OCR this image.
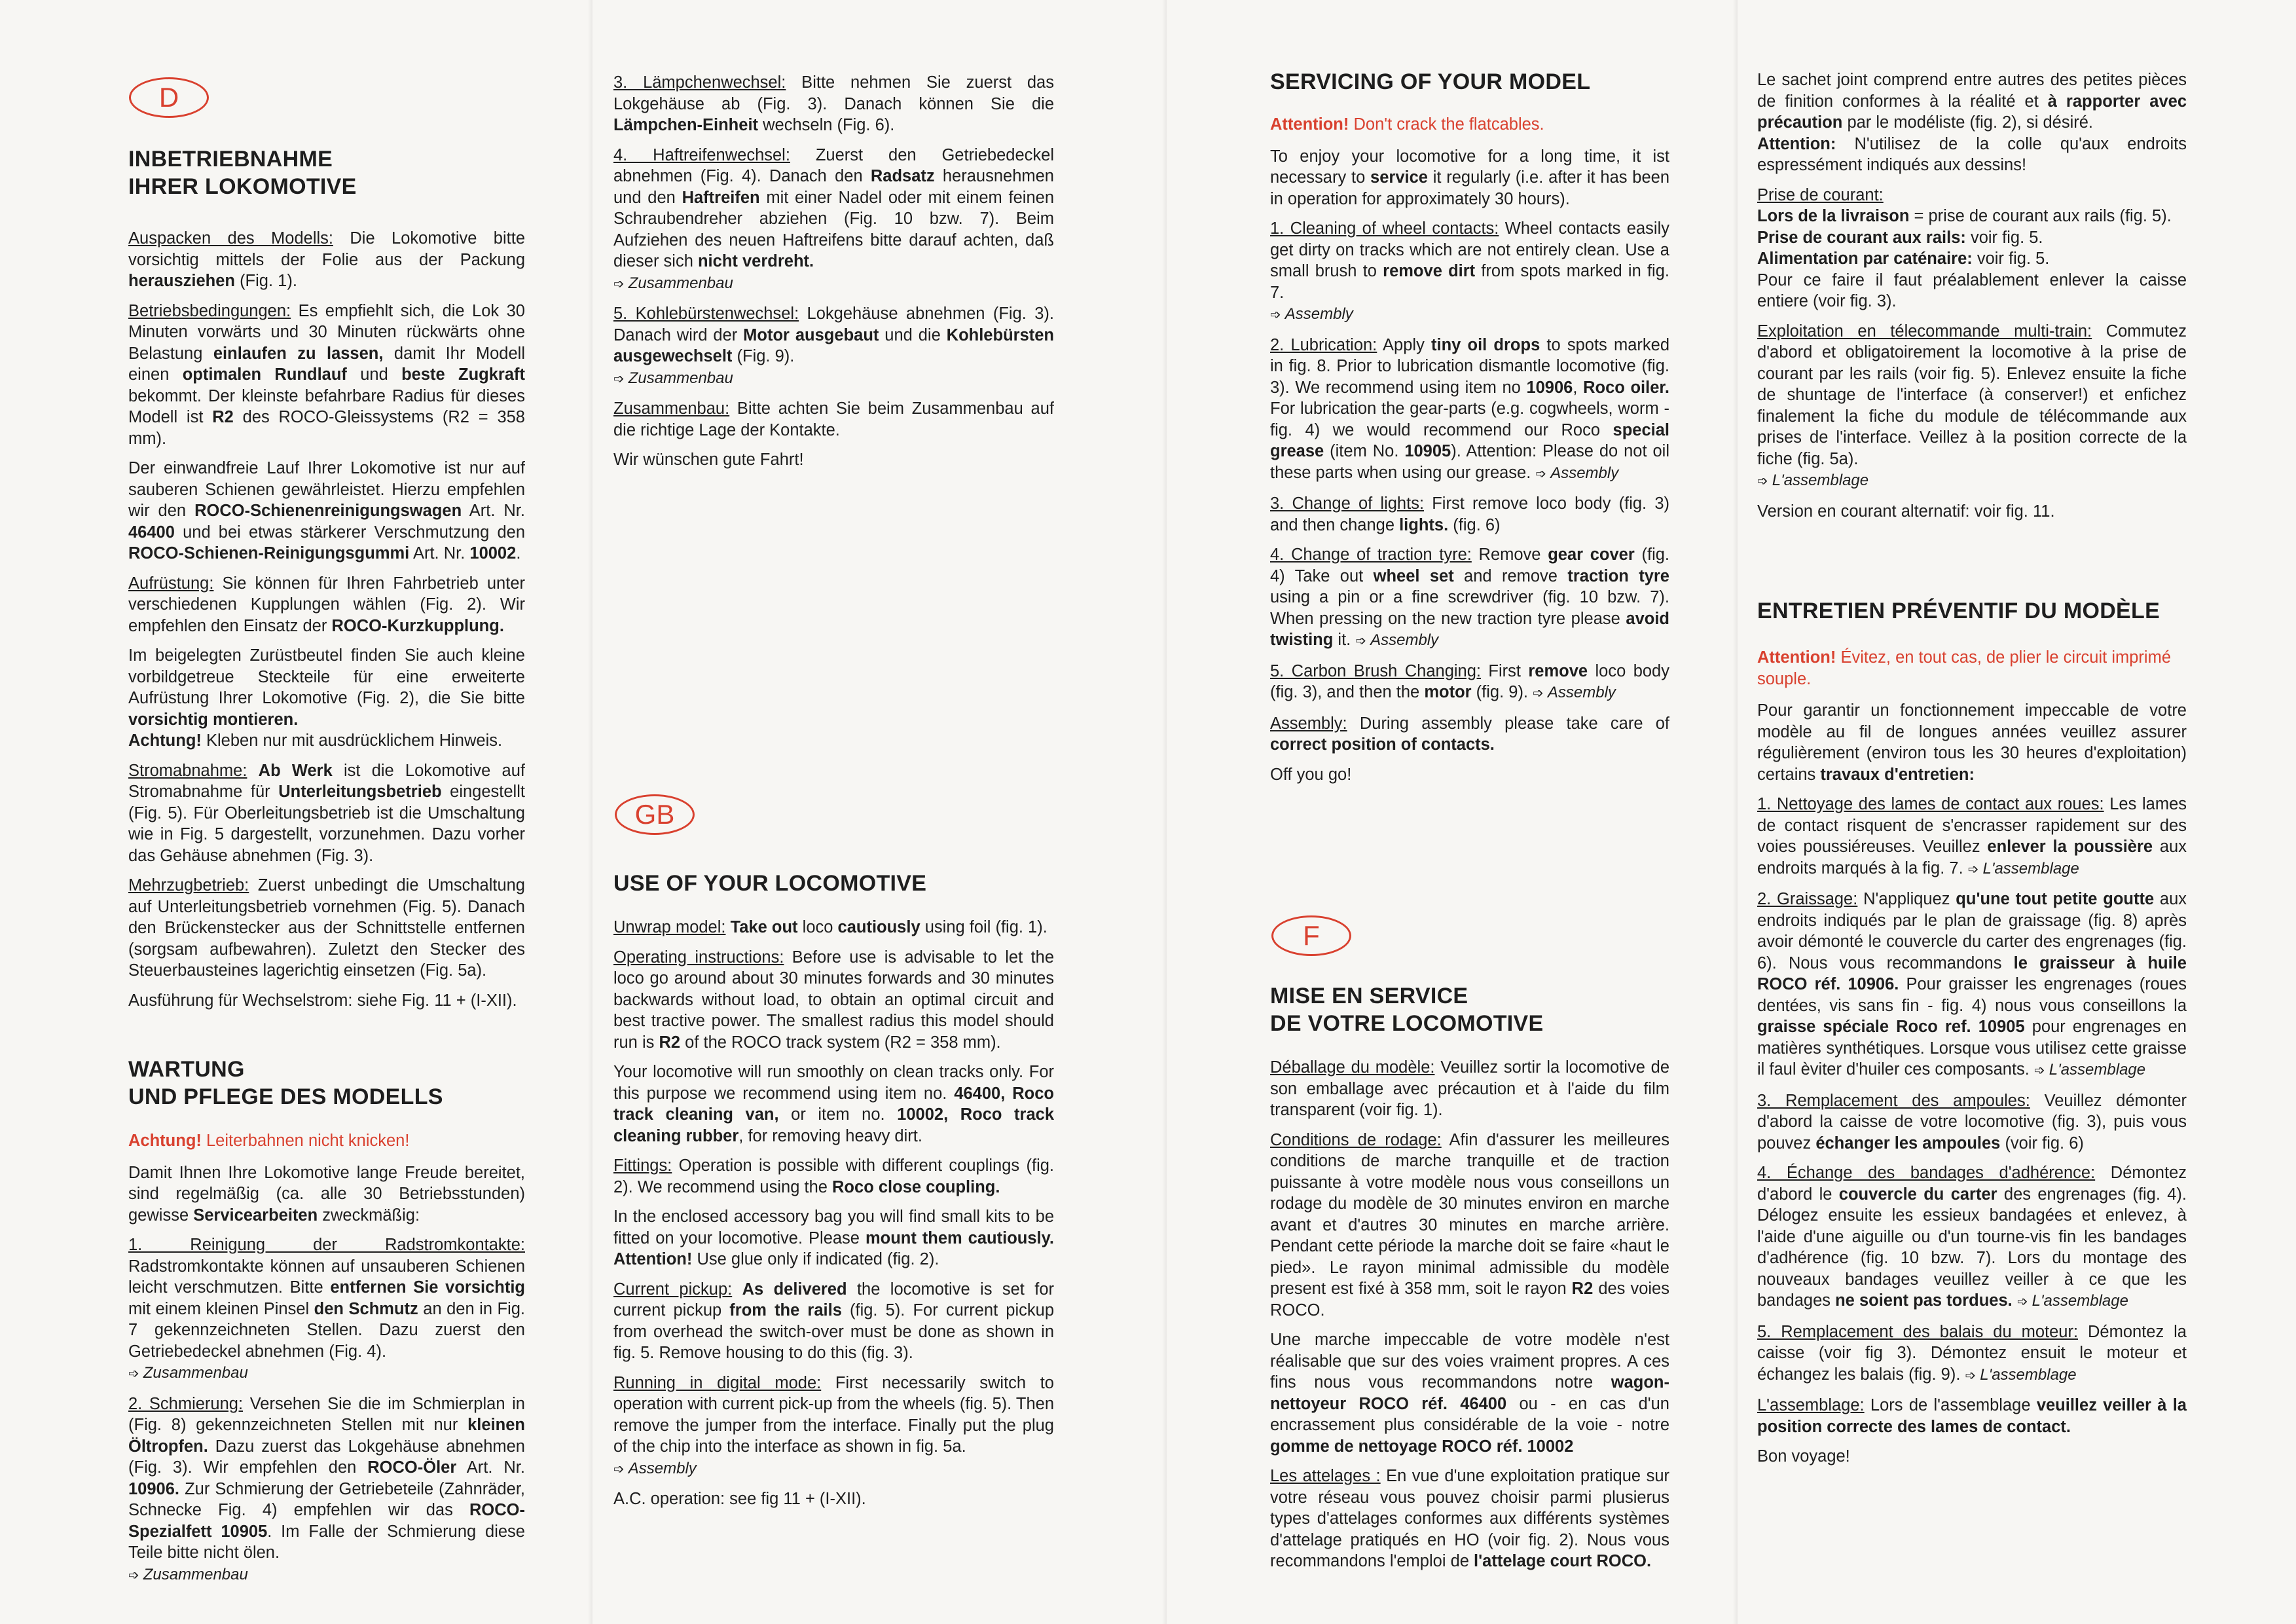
D
INBETRIEBNAHME
IHRER LOKOMOTIVE

Auspacken des Modells: Die Lokomotive bitte vorsichtig mittels der Folie aus der Packung herausziehen (Fig. 1).

Betriebsbedingungen: Es empfiehlt sich, die Lok 30 Minuten vorwärts und 30 Minuten rückwärts ohne Belastung einlaufen zu lassen, damit Ihr Modell einen optimalen Rundlauf und beste Zugkraft bekommt. Der kleinste befahrbare Radius für dieses Modell ist R2 des ROCO-Gleissystems (R2 = 358 mm).

Der einwandfreie Lauf Ihrer Lokomotive ist nur auf sauberen Schienen gewährleistet. Hierzu empfehlen wir den ROCO-Schienenreinigungswagen Art. Nr. 46400 und bei etwas stärkerer Verschmutzung den ROCO-Schienen-Reinigungsgummi Art. Nr. 10002.

Aufrüstung: Sie können für Ihren Fahrbetrieb unter verschiedenen Kupplungen wählen (Fig. 2). Wir empfehlen den Einsatz der ROCO-Kurzkupplung.

Im beigelegten Zurüstbeutel finden Sie auch kleine vorbildgetreue Steckteile für eine erweiterte Aufrüstung Ihrer Lokomotive (Fig. 2), die Sie bitte vorsichtig montieren.
Achtung! Kleben nur mit ausdrücklichem Hinweis.

Stromabnahme: Ab Werk ist die Lokomotive auf Stromabnahme für Unterleitungsbetrieb eingestellt (Fig. 5). Für Oberleitungsbetrieb ist die Umschaltung wie in Fig. 5 dargestellt, vorzunehmen. Dazu vorher das Gehäuse abnehmen (Fig. 3).

Mehrzugbetrieb: Zuerst unbedingt die Umschaltung auf Unterleitungsbetrieb vornehmen (Fig. 5). Danach den Brückenstecker aus der Schnittstelle entfernen (sorgsam aufbewahren). Zuletzt den Stecker des Steuerbausteines lagerichtig einsetzen (Fig. 5a).

Ausführung für Wechselstrom: siehe Fig. 11 + (I-XII).

WARTUNG
UND PFLEGE DES MODELLS

Achtung! Leiterbahnen nicht knicken!

Damit Ihnen Ihre Lokomotive lange Freude bereitet, sind regelmäßig (ca. alle 30 Betriebsstunden) gewisse Servicearbeiten zweckmäßig:

1. Reinigung der Radstromkontakte: Radstromkontakte können auf unsauberen Schienen leicht verschmutzen. Bitte entfernen Sie vorsichtig mit einem kleinen Pinsel den Schmutz an den in Fig. 7 gekennzeichneten Stellen. Dazu zuerst den Getriebedeckel abnehmen (Fig. 4).
➩ Zusammenbau

2. Schmierung: Versehen Sie die im Schmierplan in (Fig. 8) gekennzeichneten Stellen mit nur kleinen Öltropfen. Dazu zuerst das Lokgehäuse abnehmen (Fig. 3). Wir empfehlen den ROCO-Öler Art. Nr. 10906. Zur Schmierung der Getriebeteile (Zahnräder, Schnecke Fig. 4) empfehlen wir das ROCO-Spezialfett 10905. Im Falle der Schmierung diese Teile bitte nicht ölen.
➩ Zusammenbau

3. Lämpchenwechsel: Bitte nehmen Sie zuerst das Lokgehäuse ab (Fig. 3). Danach können Sie die Lämpchen-Einheit wechseln (Fig. 6).

4. Haftreifenwechsel: Zuerst den Getriebedeckel abnehmen (Fig. 4). Danach den Radsatz herausnehmen und den Haftreifen mit einer Nadel oder mit einem feinen Schraubendreher abziehen (Fig. 10 bzw. 7). Beim Aufziehen des neuen Haftreifens bitte darauf achten, daß dieser sich nicht verdreht.
➩ Zusammenbau

5. Kohlebürstenwechsel: Lokgehäuse abnehmen (Fig. 3). Danach wird der Motor ausgebaut und die Kohlebürsten ausgewechselt (Fig. 9).
➩ Zusammenbau

Zusammenbau: Bitte achten Sie beim Zusammenbau auf die richtige Lage der Kontakte.

Wir wünschen gute Fahrt!

GB
USE OF YOUR LOCOMOTIVE

Unwrap model: Take out loco cautiously using foil (fig. 1).

Operating instructions: Before use is advisable to let the loco go around about 30 minutes forwards and 30 minutes backwards without load, to obtain an optimal circuit and best tractive power. The smallest radius this model should run is R2 of the ROCO track system (R2 = 358 mm).

Your locomotive will run smoothly on clean tracks only. For this purpose we recommend using item no. 46400, Roco track cleaning van, or item no. 10002, Roco track cleaning rubber, for removing heavy dirt.

Fittings: Operation is possible with different couplings (fig. 2). We recommend using the Roco close coupling.

In the enclosed accessory bag you will find small kits to be fitted on your locomotive. Please mount them cautiously. Attention! Use glue only if indicated (fig. 2).

Current pickup: As delivered the locomotive is set for current pickup from the rails (fig. 5). For current pickup from overhead the switch-over must be done as shown in fig. 5. Remove housing to do this (fig. 3).

Running in digital mode: First necessarily switch to operation with current pick-up from the wheels (fig. 5). Then remove the jumper from the interface. Finally put the plug of the chip into the interface as shown in fig. 5a.
➩ Assembly

A.C. operation: see fig 11 + (I-XII).

SERVICING OF YOUR MODEL

Attention! Don't crack the flatcables.

To enjoy your locomotive for a long time, it ist necessary to service it regularly (i.e. after it has been in operation for approximately 30 hours).

1. Cleaning of wheel contacts: Wheel contacts easily get dirty on tracks which are not entirely clean. Use a small brush to remove dirt from spots marked in fig. 7.
➩ Assembly

2. Lubrication: Apply tiny oil drops to spots marked in fig. 8. Prior to lubrication dismantle locomotive (fig. 3). We recommend using item no 10906, Roco oiler. For lubrication the gear-parts (e.g. cogwheels, worm - fig. 4) we would recommend our Roco special grease (item No. 10905). Attention: Please do not oil these parts when using our grease. ➩ Assembly

3. Change of lights: First remove loco body (fig. 3) and then change lights. (fig. 6)

4. Change of traction tyre: Remove gear cover (fig. 4) Take out wheel set and remove traction tyre using a pin or a fine screwdriver (fig. 10 bzw. 7). When pressing on the new traction tyre please avoid twisting it. ➩ Assembly

5. Carbon Brush Changing: First remove loco body (fig. 3), and then the motor (fig. 9). ➩ Assembly

Assembly: During assembly please take care of correct position of contacts.

Off you go!

F
MISE EN SERVICE
DE VOTRE LOCOMOTIVE

Déballage du modèle: Veuillez sortir la locomotive de son emballage avec précaution et à l'aide du film transparent (voir fig. 1).

Conditions de rodage: Afin d'assurer les meilleures conditions de marche tranquille et de traction puissante à votre modèle nous vous conseillons un rodage du modèle de 30 minutes environ en marche avant et d'autres 30 minutes en marche arrière. Pendant cette période la marche doit se faire «haut le pied». Le rayon minimal admissible du modèle present est fixé à 358 mm, soit le rayon R2 des voies ROCO.

Une marche impeccable de votre modèle n'est réalisable que sur des voies vraiment propres. A ces fins nous vous recommandons notre wagon-nettoyeur ROCO réf. 46400 ou - en cas d'un encrassement plus considérable de la voie - notre gomme de nettoyage ROCO réf. 10002

Les attelages : En vue d'une exploitation pratique sur votre réseau vous pouvez choisir parmi plusierus types d'attelages conformes aux différents systèmes d'attelage pratiqués en HO (voir fig. 2). Nous vous recommandons l'emploi de l'attelage court ROCO.

Le sachet joint comprend entre autres des petites pièces de finition conformes à la réalité et à rapporter avec précaution par le modéliste (fig. 2), si désiré.
Attention: N'utilisez de la colle qu'aux endroits espressément indiqués aux dessins!

Prise de courant:

Lors de la livraison = prise de courant aux rails (fig. 5).

Prise de courant aux rails: voir fig. 5.

Alimentation par caténaire: voir fig. 5.

Pour ce faire il faut préalablement enlever la caisse entiere (voir fig. 3).

Exploitation en télecommande multi-train: Commutez d'abord et obligatoirement la locomotive à la prise de courant par les rails (voir fig. 5). Enlevez ensuite la fiche de shuntage de l'interface (à conserver!) et enfichez finalement la fiche du module de télécommande aux prises de l'interface. Veillez à la position correcte de la fiche (fig. 5a).
➩ L'assemblage

Version en courant alternatif: voir fig. 11.

ENTRETIEN PRÉVENTIF DU MODÈLE

Attention! Évitez, en tout cas, de plier le circuit imprimé souple.

Pour garantir un fonctionnement impeccable de votre modèle au fil de longues années veuillez assurer régulièrement (environ tous les 30 heures d'exploitation) certains travaux d'entretien:

1. Nettoyage des lames de contact aux roues: Les lames de contact risquent de s'encrasser rapidement sur des voies poussiéreuses. Veuillez enlever la poussière aux endroits marqués à la fig. 7. ➩ L'assemblage

2. Graissage: N'appliquez qu'une tout petite goutte aux endroits indiqués par le plan de graissage (fig. 8) après avoir démonté le couvercle du carter des engrenages (fig. 6). Nous vous recommandons le graisseur à huile ROCO réf. 10906. Pour graisser les engrenages (roues dentées, vis sans fin - fig. 4) nous vous conseillons la graisse spéciale Roco ref. 10905 pour engrenages en matières synthétiques. Lorsque vous utilisez cette graisse il faul èviter d'huiler ces composants. ➩ L'assemblage

3. Remplacement des ampoules: Veuillez démonter d'abord la caisse de votre locomotive (fig. 3), puis vous pouvez échanger les ampoules (voir fig. 6)

4. Échange des bandages d'adhérence: Démontez d'abord le couvercle du carter des engrenages (fig. 4). Délogez ensuite les essieux bandagées et enlevez, à l'aide d'une aiguille ou d'un tourne-vis fin les bandages d'adhérence (fig. 10 bzw. 7). Lors du montage des nouveaux bandages veuillez veiller à ce que les bandages ne soient pas tordues. ➩ L'assemblage

5. Remplacement des balais du moteur: Démontez la caisse (voir fig 3). Démontez ensuit le moteur et échangez les balais (fig. 9). ➩ L'assemblage

L'assemblage: Lors de l'assemblage veuillez veiller à la position correcte des lames de contact.

Bon voyage!
